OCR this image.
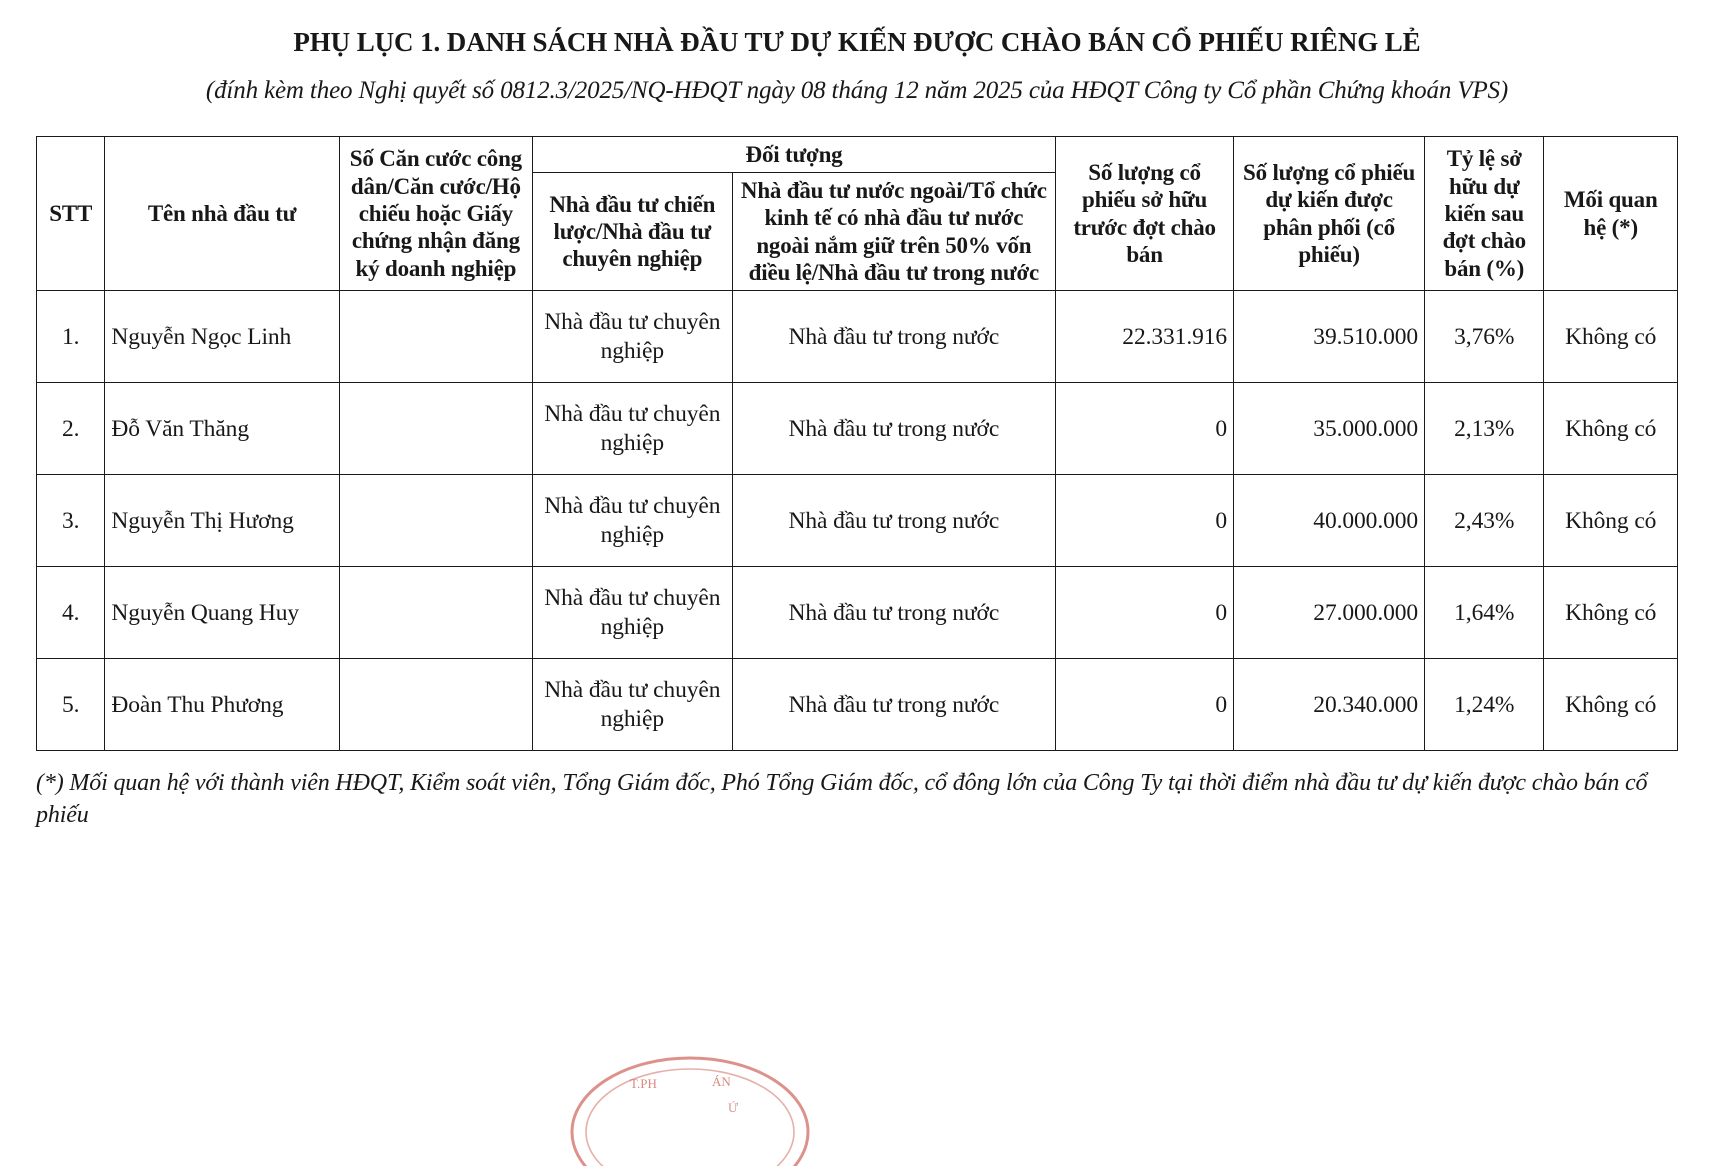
PHỤ LỤC 1. DANH SÁCH NHÀ ĐẦU TƯ DỰ KIẾN ĐƯỢC CHÀO BÁN CỔ PHIẾU RIÊNG LẺ
(đính kèm theo Nghị quyết số 0812.3/2025/NQ-HĐQT ngày 08 tháng 12 năm 2025 của HĐQT Công ty Cổ phần Chứng khoán VPS)
STT	Tên nhà đầu tư	Số Căn cước công dân/Căn cước/Hộ chiếu hoặc Giấy chứng nhận đăng ký doanh nghiệp	Đối tượng		Số lượng cổ phiếu sở hữu trước đợt chào bán	Số lượng cổ phiếu dự kiến được phân phối (cổ phiếu)	Tỷ lệ sở hữu dự kiến sau đợt chào bán (%)	Mối quan hệ (*)
			Nhà đầu tư chiến lược/Nhà đầu tư chuyên nghiệp	Nhà đầu tư nước ngoài/Tổ chức kinh tế có nhà đầu tư nước ngoài nắm giữ trên 50% vốn điều lệ/Nhà đầu tư trong nước				
1.	Nguyễn Ngọc Linh		Nhà đầu tư chuyên nghiệp	Nhà đầu tư trong nước	22.331.916	39.510.000	3,76%	Không có
2.	Đỗ Văn Thăng		Nhà đầu tư chuyên nghiệp	Nhà đầu tư trong nước	0	35.000.000	2,13%	Không có
3.	Nguyễn Thị Hương		Nhà đầu tư chuyên nghiệp	Nhà đầu tư trong nước	0	40.000.000	2,43%	Không có
4.	Nguyễn Quang Huy		Nhà đầu tư chuyên nghiệp	Nhà đầu tư trong nước	0	27.000.000	1,64%	Không có
5.	Đoàn Thu Phương		Nhà đầu tư chuyên nghiệp	Nhà đầu tư trong nước	0	20.340.000	1,24%	Không có
(*) Mối quan hệ với thành viên HĐQT, Kiểm soát viên, Tổng Giám đốc, Phó Tổng Giám đốc, cổ đông lớn của Công Ty tại thời điểm nhà đầu tư dự kiến được chào bán cổ phiếu
T.PH	ÁN
Ứ
